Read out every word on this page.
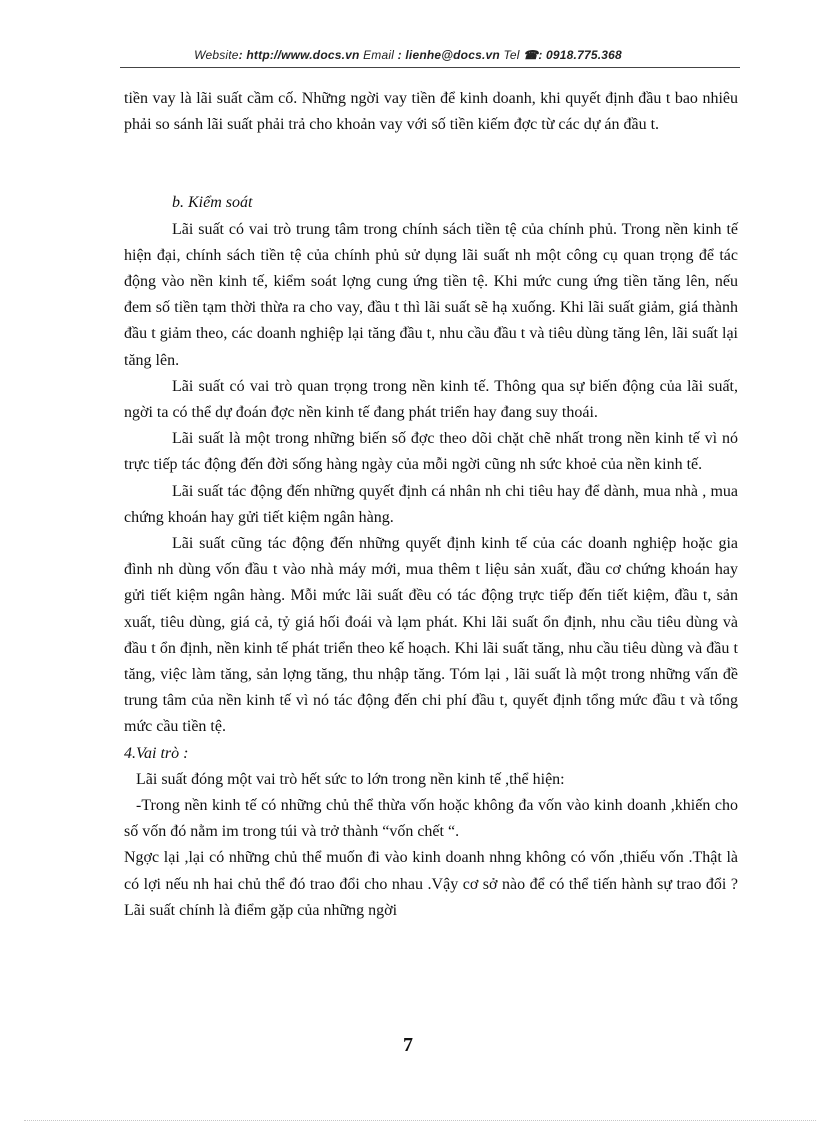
Website: http://www.docs.vn Email : lienhe@docs.vn Tel ☎: 0918.775.368

tiền vay là lãi suất cầm cố. Những ngời vay tiền để kinh doanh, khi quyết định đầu t bao nhiêu phải so sánh lãi suất phải trả cho khoản vay với số tiền kiếm đợc từ các dự án đầu t.

b. Kiểm soát

Lãi suất có vai trò trung tâm trong chính sách tiền tệ của chính phủ. Trong nền kinh tế hiện đại, chính sách tiền tệ của chính phủ sử dụng lãi suất nh một công cụ quan trọng để tác động vào nền kinh tế, kiểm soát lợng cung ứng tiền tệ. Khi mức cung ứng tiền tăng lên, nếu đem số tiền tạm thời thừa ra cho vay, đầu t thì lãi suất sẽ hạ xuống. Khi lãi suất giảm, giá thành đầu t giảm theo, các doanh nghiệp lại tăng đầu t, nhu cầu đầu t và tiêu dùng tăng lên, lãi suất lại tăng lên.

Lãi suất có vai trò quan trọng trong nền kinh tế. Thông qua sự biến động của lãi suất, ngời ta có thể dự đoán đợc nền kinh tế đang phát triển hay đang suy thoái.

Lãi suất là một trong những biến số đợc theo dõi chặt chẽ nhất trong nền kinh tế vì nó trực tiếp tác động đến đời sống hàng ngày của mỗi ngời cũng nh sức khoẻ của nền kinh tế.

Lãi suất tác động đến những quyết định cá nhân nh chi tiêu hay để dành, mua nhà , mua chứng khoán hay gửi tiết kiệm ngân hàng.

Lãi suất cũng tác động đến những quyết định kinh tế của các doanh nghiệp hoặc gia đình nh dùng vốn đầu t vào nhà máy mới, mua thêm t liệu sản xuất, đầu cơ chứng khoán hay gửi tiết kiệm ngân hàng. Mỗi mức lãi suất đều có tác động trực tiếp đến tiết kiệm, đầu t, sản xuất, tiêu dùng, giá cả, tỷ giá hối đoái và lạm phát. Khi lãi suất ổn định, nhu cầu tiêu dùng và đầu t ổn định, nền kinh tế phát triển theo kế hoạch. Khi lãi suất tăng, nhu cầu tiêu dùng và đầu t tăng, việc làm tăng, sản lợng tăng, thu nhập tăng. Tóm lại , lãi suất là một trong những vấn đề trung tâm của nền kinh tế vì nó tác động đến chi phí đầu t, quyết định tổng mức đầu t và tổng mức cầu tiền tệ.

4.Vai trò :

Lãi suất đóng một vai trò hết sức to lớn trong nền kinh tế ,thể hiện:

-Trong nền kinh tế có những chủ thể thừa vốn hoặc không đa vốn vào kinh doanh ,khiến cho số vốn đó nằm im trong túi và trở thành “vốn chết “.

Ngợc lại ,lại có những chủ thể muốn đi vào kinh doanh nhng không có vốn ,thiếu vốn .Thật là có lợi nếu nh hai chủ thể đó trao đổi cho nhau .Vậy cơ sở nào để có thể tiến hành sự trao đổi ?Lãi suất chính là điểm gặp của những ngời

7
